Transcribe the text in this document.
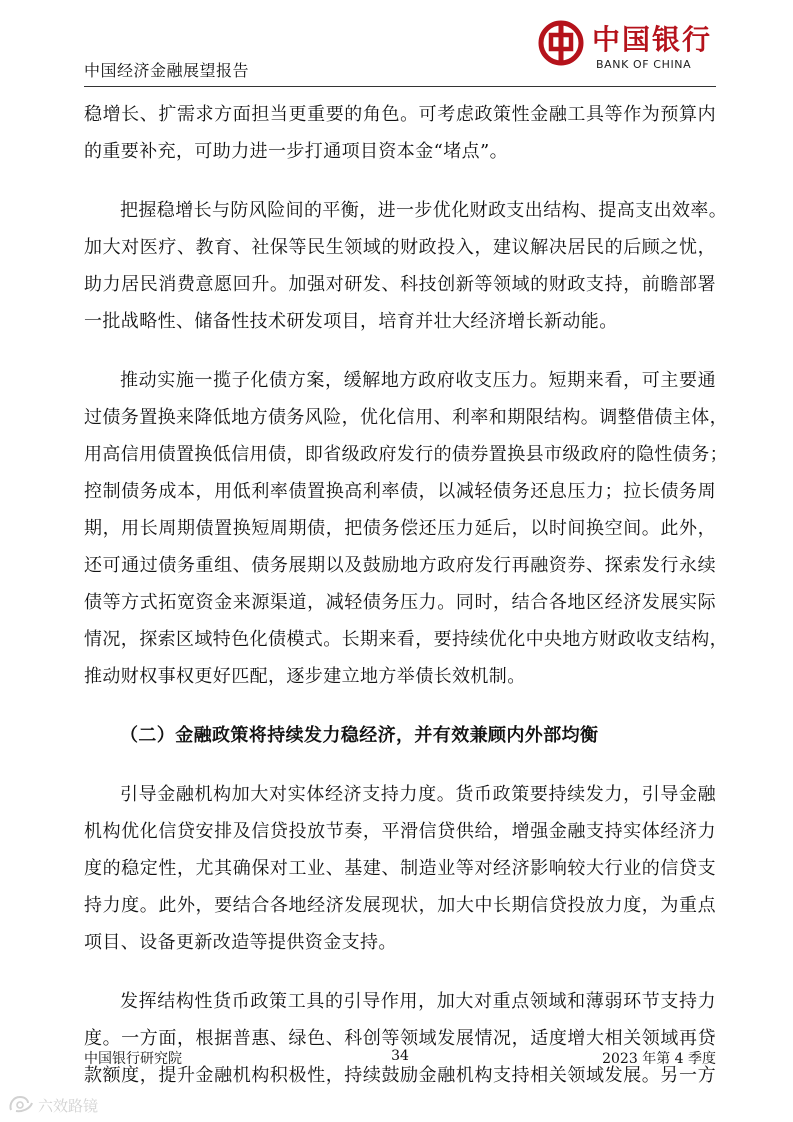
中国经济金融展望报告
中国银行
BANK OF CHINA

稳增长、扩需求方面担当更重要的角色。可考虑政策性金融工具等作为预算内

的重要补充，可助力进一步打通项目资本金“堵点”。

把握稳增长与防风险间的平衡，进一步优化财政支出结构、提高支出效率。

加大对医疗、教育、社保等民生领域的财政投入，建议解决居民的后顾之忧，

助力居民消费意愿回升。加强对研发、科技创新等领域的财政支持，前瞻部署

一批战略性、储备性技术研发项目，培育并壮大经济增长新动能。

推动实施一揽子化债方案，缓解地方政府收支压力。短期来看，可主要通

过债务置换来降低地方债务风险，优化信用、利率和期限结构。调整借债主体，

用高信用债置换低信用债，即省级政府发行的债券置换县市级政府的隐性债务；

控制债务成本，用低利率债置换高利率债，以减轻债务还息压力；拉长债务周

期，用长周期债置换短周期债，把债务偿还压力延后，以时间换空间。此外，

还可通过债务重组、债务展期以及鼓励地方政府发行再融资券、探索发行永续

债等方式拓宽资金来源渠道，减轻债务压力。同时，结合各地区经济发展实际

情况，探索区域特色化债模式。长期来看，要持续优化中央地方财政收支结构，

推动财权事权更好匹配，逐步建立地方举债长效机制。

（二）金融政策将持续发力稳经济，并有效兼顾内外部均衡

引导金融机构加大对实体经济支持力度。货币政策要持续发力，引导金融

机构优化信贷安排及信贷投放节奏，平滑信贷供给，增强金融支持实体经济力

度的稳定性，尤其确保对工业、基建、制造业等对经济影响较大行业的信贷支

持力度。此外，要结合各地经济发展现状，加大中长期信贷投放力度，为重点

项目、设备更新改造等提供资金支持。

发挥结构性货币政策工具的引导作用，加大对重点领域和薄弱环节支持力

度。一方面，根据普惠、绿色、科创等领域发展情况，适度增大相关领域再贷

款额度，提升金融机构积极性，持续鼓励金融机构支持相关领域发展。另一方

中国银行研究院	34	2023 年第 4 季度
六效路镜
